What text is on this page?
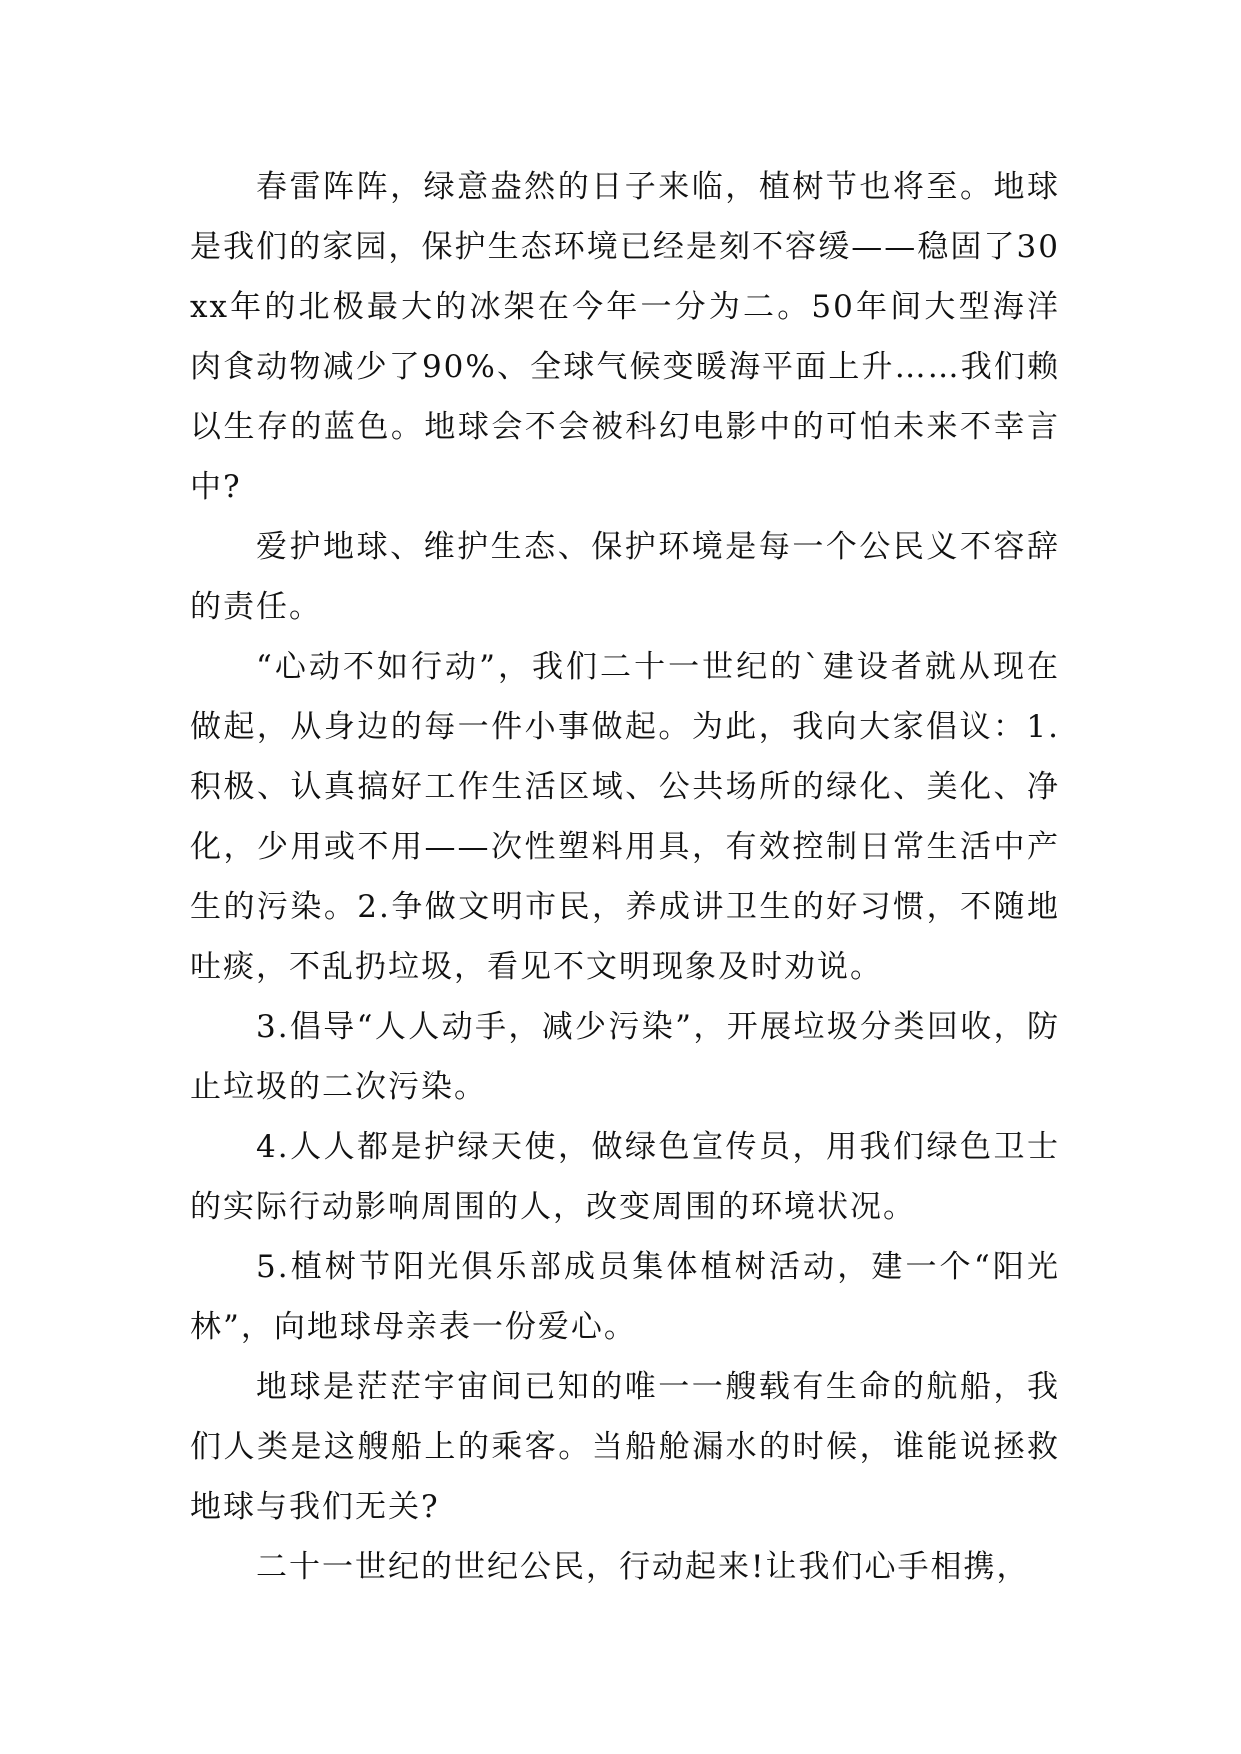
春雷阵阵，绿意盎然的日子来临，植树节也将至。地球是我们的家园，保护生态环境已经是刻不容缓——稳固了30xx年的北极最大的冰架在今年一分为二。50年间大型海洋肉食动物减少了90%、全球气候变暖海平面上升……我们赖以生存的蓝色。地球会不会被科幻电影中的可怕未来不幸言中?

爱护地球、维护生态、保护环境是每一个公民义不容辞的责任。

“心动不如行动”，我们二十一世纪的`建设者就从现在做起，从身边的每一件小事做起。为此，我向大家倡议：1.积极、认真搞好工作生活区域、公共场所的绿化、美化、净化，少用或不用——次性塑料用具，有效控制日常生活中产生的污染。2.争做文明市民，养成讲卫生的好习惯，不随地吐痰，不乱扔垃圾，看见不文明现象及时劝说。

3.倡导“人人动手，减少污染”，开展垃圾分类回收，防止垃圾的二次污染。

4.人人都是护绿天使，做绿色宣传员，用我们绿色卫士的实际行动影响周围的人，改变周围的环境状况。

5.植树节阳光俱乐部成员集体植树活动，建一个“阳光林”，向地球母亲表一份爱心。

地球是茫茫宇宙间已知的唯一一艘载有生命的航船，我们人类是这艘船上的乘客。当船舱漏水的时候，谁能说拯救地球与我们无关?

二十一世纪的世纪公民，行动起来!让我们心手相携，
